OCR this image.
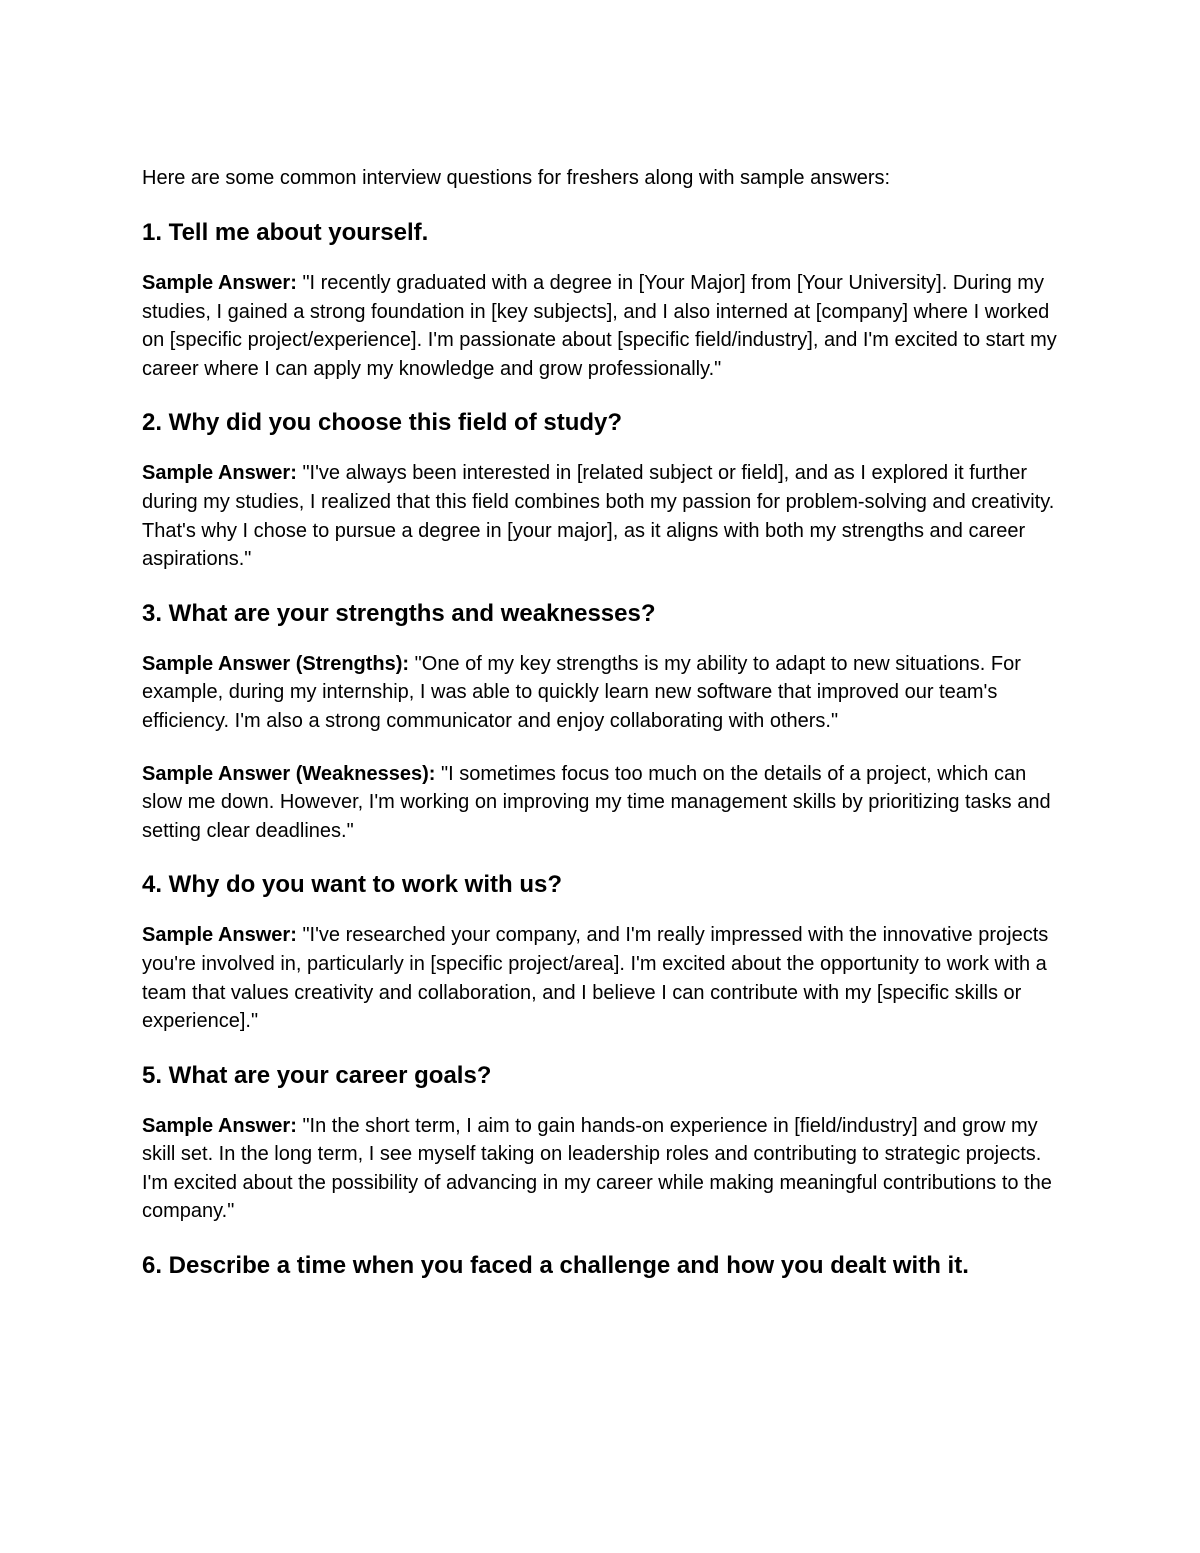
Here are some common interview questions for freshers along with sample answers:

1. Tell me about yourself.

Sample Answer: "I recently graduated with a degree in [Your Major] from [Your University]. During my studies, I gained a strong foundation in [key subjects], and I also interned at [company] where I worked on [specific project/experience]. I'm passionate about [specific field/industry], and I'm excited to start my career where I can apply my knowledge and grow professionally."

2. Why did you choose this field of study?

Sample Answer: "I've always been interested in [related subject or field], and as I explored it further during my studies, I realized that this field combines both my passion for problem-solving and creativity. That's why I chose to pursue a degree in [your major], as it aligns with both my strengths and career aspirations."

3. What are your strengths and weaknesses?

Sample Answer (Strengths): "One of my key strengths is my ability to adapt to new situations. For example, during my internship, I was able to quickly learn new software that improved our team's efficiency. I'm also a strong communicator and enjoy collaborating with others."

Sample Answer (Weaknesses): "I sometimes focus too much on the details of a project, which can slow me down. However, I'm working on improving my time management skills by prioritizing tasks and setting clear deadlines."

4. Why do you want to work with us?

Sample Answer: "I've researched your company, and I'm really impressed with the innovative projects you're involved in, particularly in [specific project/area]. I'm excited about the opportunity to work with a team that values creativity and collaboration, and I believe I can contribute with my [specific skills or experience]."

5. What are your career goals?

Sample Answer: "In the short term, I aim to gain hands-on experience in [field/industry] and grow my skill set. In the long term, I see myself taking on leadership roles and contributing to strategic projects. I'm excited about the possibility of advancing in my career while making meaningful contributions to the company."

6. Describe a time when you faced a challenge and how you dealt with it.
